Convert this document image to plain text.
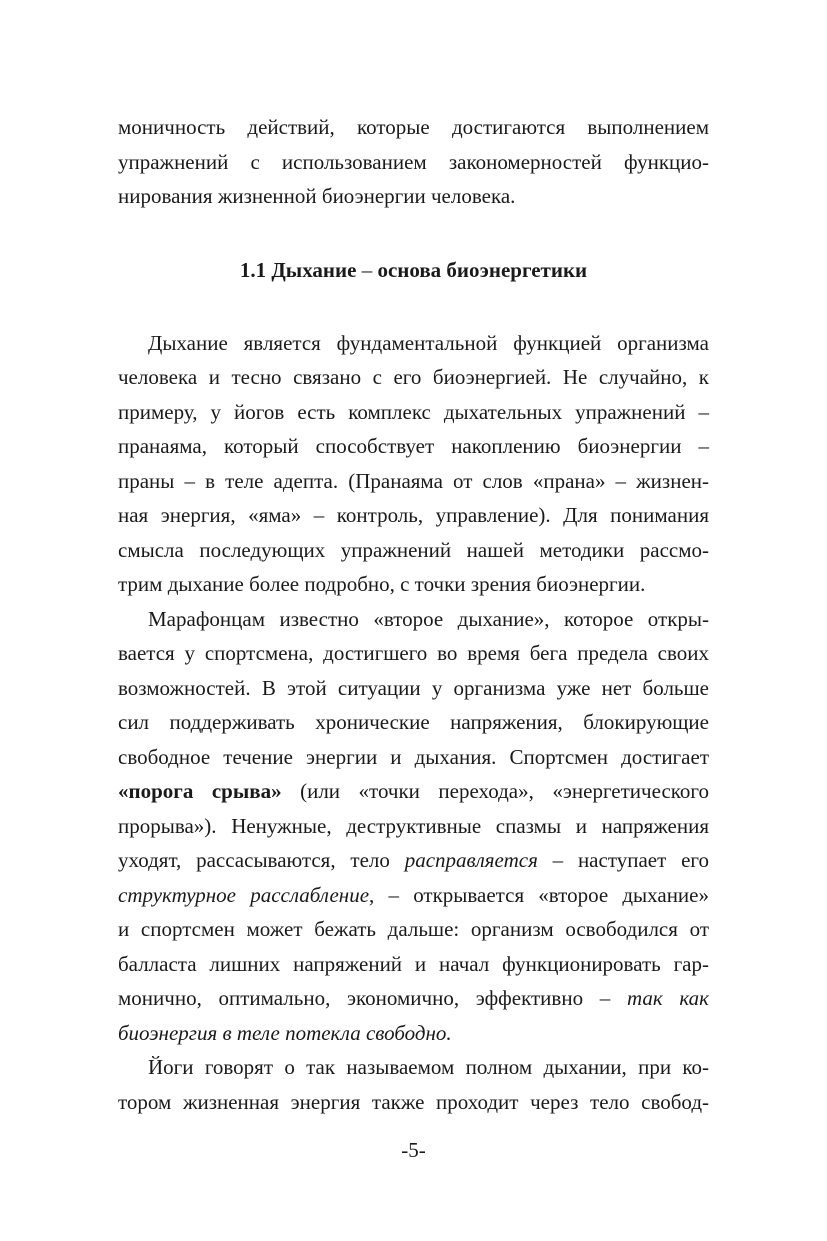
моничность действий, которые достигаются выполнением
упражнений с использованием закономерностей функцио-
нирования жизненной биоэнергии человека.
1.1 Дыхание – основа биоэнергетики
Дыхание является фундаментальной функцией организма
человека и тесно связано с его биоэнергией. Не случайно, к
примеру, у йогов есть комплекс дыхательных упражнений –
пранаяма, который способствует накоплению биоэнергии –
праны – в теле адепта. (Пранаяма от слов «прана» – жизнен-
ная энергия, «яма» – контроль, управление). Для понимания
смысла последующих упражнений нашей методики рассмо-
трим дыхание более подробно, с точки зрения биоэнергии.
Марафонцам известно «второе дыхание», которое откры-
вается у спортсмена, достигшего во время бега предела своих
возможностей. В этой ситуации у организма уже нет больше
сил поддерживать хронические напряжения, блокирующие
свободное течение энергии и дыхания. Спортсмен достигает
«порога срыва» (или «точки перехода», «энергетического
прорыва»). Ненужные, деструктивные спазмы и напряжения
уходят, рассасываются, тело расправляется – наступает его
структурное расслабление, – открывается «второе дыхание»
и спортсмен может бежать дальше: организм освободился от
балласта лишних напряжений и начал функционировать гар-
монично, оптимально, экономично, эффективно – так как
биоэнергия в теле потекла свободно.
Йоги говорят о так называемом полном дыхании, при ко-
тором жизненная энергия также проходит через тело свобод-
-5-
